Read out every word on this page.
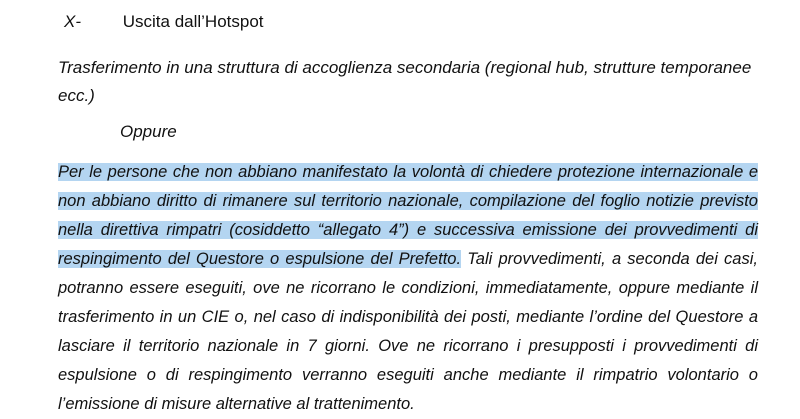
X- Uscita dall’Hotspot
Trasferimento in una struttura di accoglienza secondaria (regional hub, strutture temporanee ecc.)
Oppure
Per le persone che non abbiano manifestato la volontà di chiedere protezione internazionale e non abbiano diritto di rimanere sul territorio nazionale, compilazione del foglio notizie previsto nella direttiva rimpatri (cosiddetto “allegato 4”) e successiva emissione dei provvedimenti di respingimento del Questore o espulsione del Prefetto. Tali provvedimenti, a seconda dei casi, potranno essere eseguiti, ove ne ricorrano le condizioni, immediatamente, oppure mediante il trasferimento in un CIE o, nel caso di indisponibilità dei posti, mediante l’ordine del Questore a lasciare il territorio nazionale in 7 giorni. Ove ne ricorrano i presupposti i provvedimenti di espulsione o di respingimento verranno eseguiti anche mediante il rimpatrio volontario o l’emissione di misure alternative al trattenimento.
